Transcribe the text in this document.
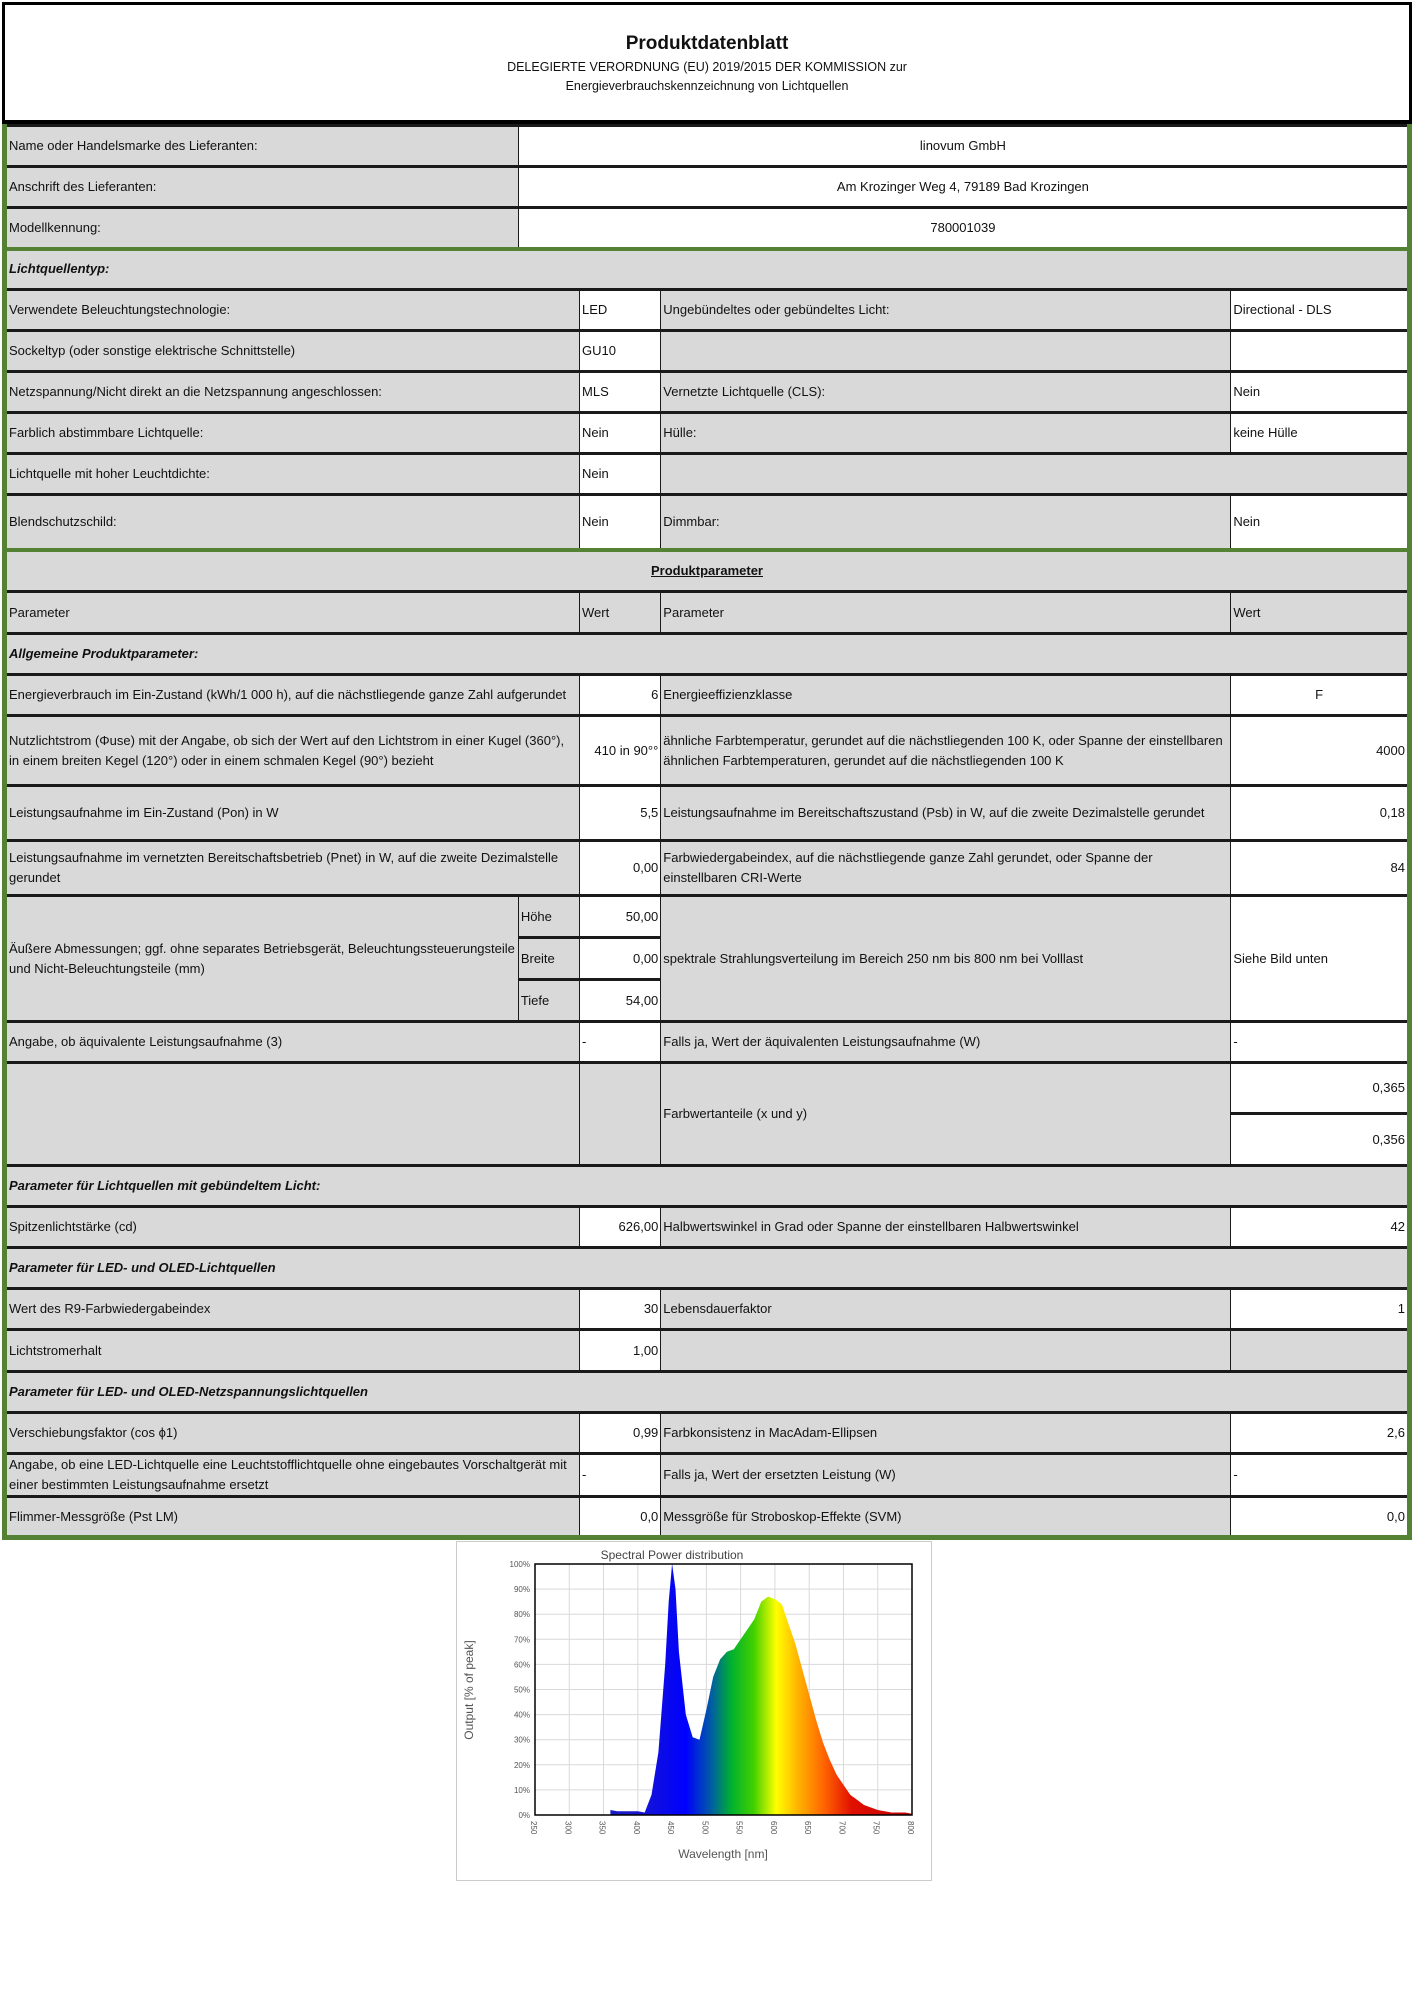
Produktdatenblatt
DELEGIERTE VERORDNUNG (EU) 2019/2015 DER KOMMISSION zur
Energieverbrauchskennzeichnung von Lichtquellen
Name oder Handelsmarke des Lieferanten:	linovum GmbH			
Anschrift des Lieferanten:	Am Krozinger Weg 4, 79189 Bad Krozingen			
Modellkennung:	780001039			
Lichtquellentyp:				
Verwendete Beleuchtungstechnologie:		LED	Ungebündeltes oder gebündeltes Licht:	Directional - DLS
Sockeltyp (oder sonstige elektrische Schnittstelle)		GU10		
Netzspannung/Nicht direkt an die Netzspannung angeschlossen:		MLS	Vernetzte Lichtquelle (CLS):	Nein
Farblich abstimmbare Lichtquelle:		Nein	Hülle:	keine Hülle
Lichtquelle mit hoher Leuchtdichte:		Nein		
Blendschutzschild:		Nein	Dimmbar:	Nein
Produktparameter				
Parameter		Wert	Parameter	Wert
Allgemeine Produktparameter:				
Energieverbrauch im Ein-Zustand (kWh/1 000 h), auf die nächstliegende ganze Zahl aufgerundet		6	Energieeffizienzklasse	F
Nutzlichtstrom (Φuse) mit der Angabe, ob sich der Wert auf den Lichtstrom in einer Kugel (360°), in einem breiten Kegel (120°) oder in einem schmalen Kegel (90°) bezieht		410 in 90°°	ähnliche Farbtemperatur, gerundet auf die nächstliegenden 100 K, oder Spanne der einstellbaren ähnlichen Farbtemperaturen, gerundet auf die nächstliegenden 100 K	4000
Leistungsaufnahme im Ein-Zustand (Pon) in W		5,5	Leistungsaufnahme im Bereitschaftszustand (Psb) in W, auf die zweite Dezimalstelle gerundet	0,18
Leistungsaufnahme im vernetzten Bereitschaftsbetrieb (Pnet) in W, auf die zweite Dezimalstelle gerundet		0,00	Farbwiedergabeindex, auf die nächstliegende ganze Zahl gerundet, oder Spanne der einstellbaren CRI-Werte	84
Äußere Abmessungen; ggf. ohne separates Betriebsgerät, Beleuchtungssteuerungsteile und Nicht-Beleuchtungsteile (mm)	Höhe	50,00	spektrale Strahlungsverteilung im Bereich 250 nm bis 800 nm bei Volllast	Siehe Bild unten
	Breite	0,00		
	Tiefe	54,00		
Angabe, ob äquivalente Leistungsaufnahme (3)		-	Falls ja, Wert der äquivalenten Leistungsaufnahme (W)	-
			Farbwertanteile (x und y)	0,365
				0,356
Parameter für Lichtquellen mit gebündeltem Licht:				
Spitzenlichtstärke (cd)		626,00	Halbwertswinkel in Grad oder Spanne der einstellbaren Halbwertswinkel	42
Parameter für LED- und OLED-Lichtquellen				
Wert des R9-Farbwiedergabeindex		30	Lebensdauerfaktor	1
Lichtstromerhalt		1,00		
Parameter für LED- und OLED-Netzspannungslichtquellen				
Verschiebungsfaktor (cos ϕ1)		0,99	Farbkonsistenz in MacAdam-Ellipsen	2,6
Angabe, ob eine LED-Lichtquelle eine Leuchtstofflichtquelle ohne eingebautes Vorschaltgerät mit einer bestimmten Leistungsaufnahme ersetzt		-	Falls ja, Wert der ersetzten Leistung (W)	-
Flimmer-Messgröße (Pst LM)		0,0	Messgröße für Stroboskop-Effekte (SVM)	0,0
Spectral Power distribution
250	300	350	400	450	500	550	600	650	700	750	800
0%
10%
20%
30%
40%
50%
60%
70%
80%
90%
100%
Wavelength [nm]
Output [% of peak]
